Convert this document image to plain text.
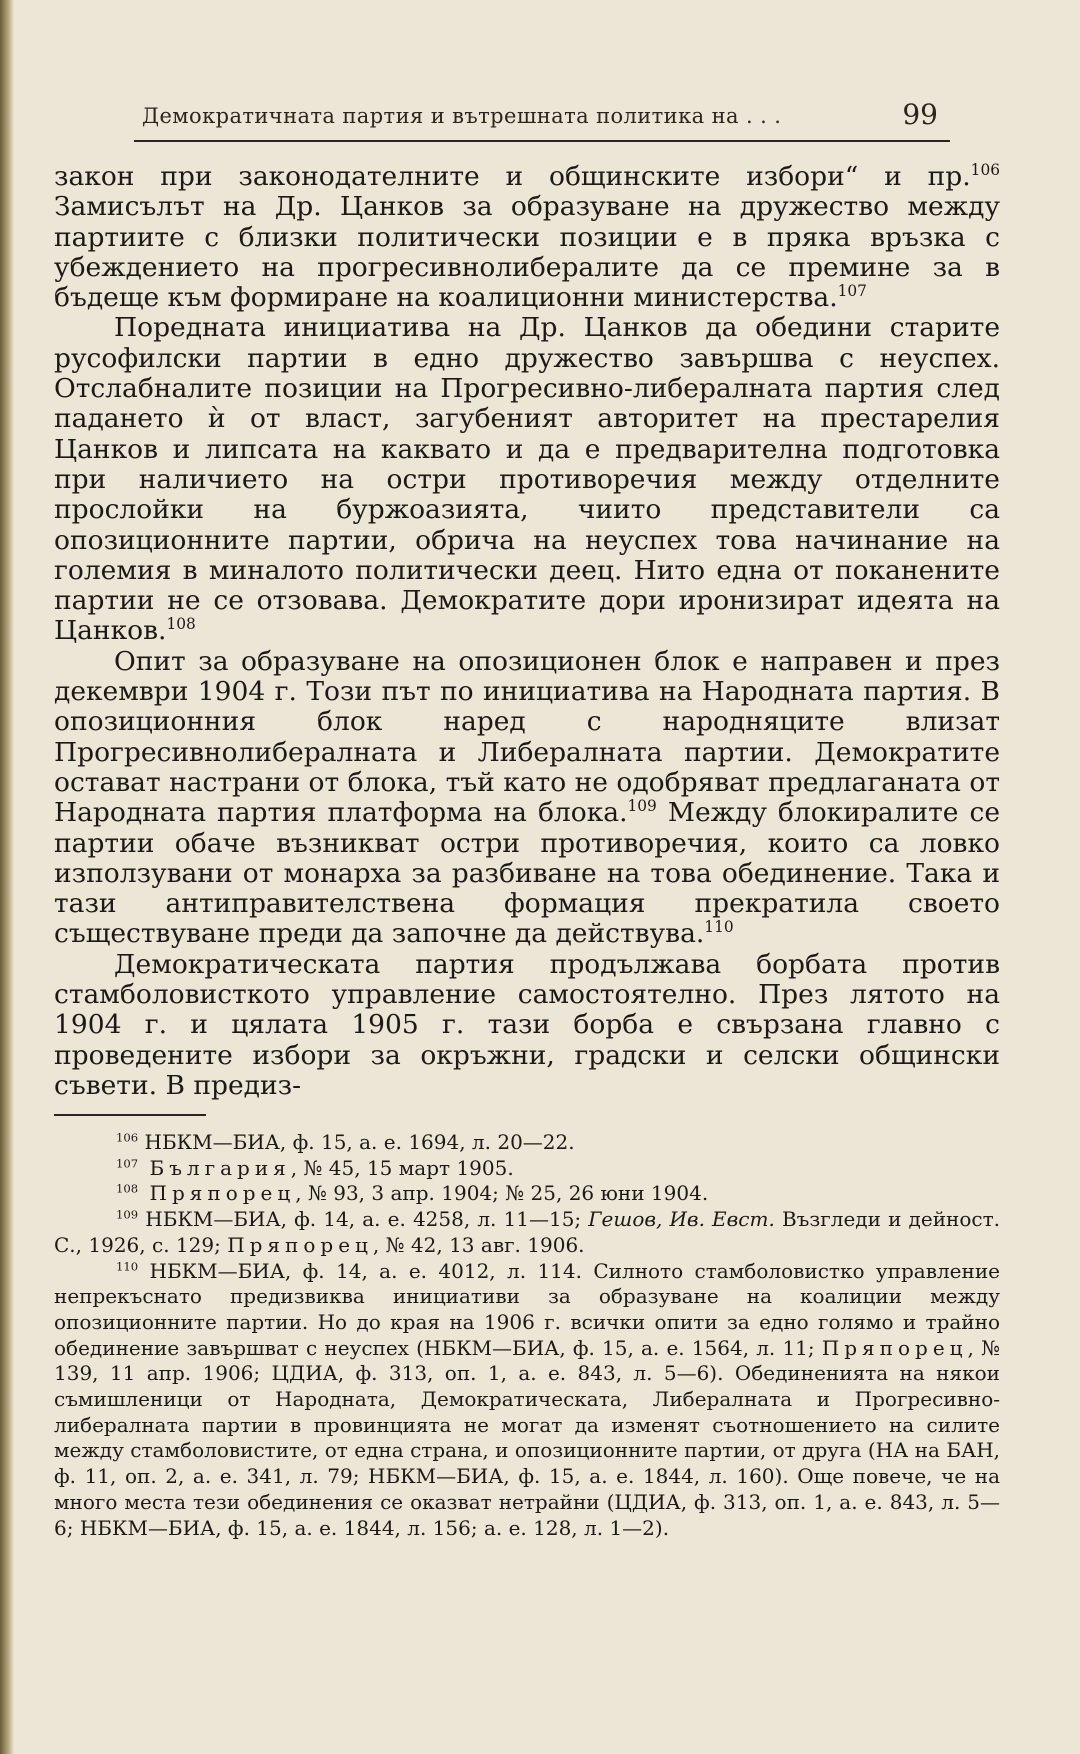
Демократичната партия и вътрешната политика на . . .	99

закон при законодателните и общинските избори“ и пр.$^{106}$ Замисълът на Др. Цанков за образуване на дружество между партиите с близки политически позиции е в пряка връзка с убеждението на прогресивнолибералите да се премине за в бъдеще към формиране на коалиционни министерства.$^{107}$

Поредната инициатива на Др. Цанков да обедини старите русофилски партии в едно дружество завършва с неуспех. Отслабналите позиции на Прогресивно-либералната партия след падането ѝ от власт, загубеният авторитет на престарелия Цанков и липсата на каквато и да е предварителна подготовка при наличието на остри противоречия между отделните прослойки на буржоазията, чиито представители са опозиционните партии, обрича на неуспех това начинание на големия в миналото политически деец. Нито една от поканените партии не се отзовава. Демократите дори иронизират идеята на Цанков.$^{108}$

Опит за образуване на опозиционен блок е направен и през декември 1904 г. Този път по инициатива на Народната партия. В опозиционния блок наред с народняците влизат Прогресивнолибералната и Либералната партии. Демократите остават настрани от блока, тъй като не одобряват предлаганата от Народната партия платформа на блока.$^{109}$ Между блокиралите се партии обаче възникват остри противоречия, които са ловко използувани от монарха за разбиване на това обединение. Така и тази антиправителствена формация прекратила своето съществуване преди да започне да действува.$^{110}$

Демократическата партия продължава борбата против стамболовисткото управление самостоятелно. През лятото на 1904 г. и цялата 1905 г. тази борба е свързана главно с проведените избори за окръжни, градски и селски общински съвети. В предиз-

$^{106}$ НБКМ—БИА, ф. 15, а. е. 1694, л. 20—22.

$^{107}$ България, № 45, 15 март 1905.

$^{108}$ Пряпорец, № 93, 3 апр. 1904; № 25, 26 юни 1904.

$^{109}$ НБКМ—БИА, ф. 14, а. е. 4258, л. 11—15; Гешов, Ив. Евст. Възгледи и дейност. С., 1926, с. 129; Пряпорец, № 42, 13 авг. 1906.

$^{110}$ НБКМ—БИА, ф. 14, а. е. 4012, л. 114. Силното стамболовистко управление непрекъснато предизвиква инициативи за образуване на коалиции между опозиционните партии. Но до края на 1906 г. всички опити за едно голямо и трайно обединение завършват с неуспех (НБКМ—БИА, ф. 15, а. е. 1564, л. 11; Пряпорец, № 139, 11 апр. 1906; ЦДИА, ф. 313, оп. 1, а. е. 843, л. 5—6). Обединенията на някои съмишленици от Народната, Демократическата, Либералната и Прогресивно-либералната партии в провинцията не могат да изменят съотношението на силите между стамболовистите, от една страна, и опозиционните партии, от друга (НА на БАН, ф. 11, оп. 2, а. е. 341, л. 79; НБКМ—БИА, ф. 15, а. е. 1844, л. 160). Още повече, че на много места тези обединения се оказват нетрайни (ЦДИА, ф. 313, оп. 1, а. е. 843, л. 5—6; НБКМ—БИА, ф. 15, а. е. 1844, л. 156; а. е. 128, л. 1—2).
